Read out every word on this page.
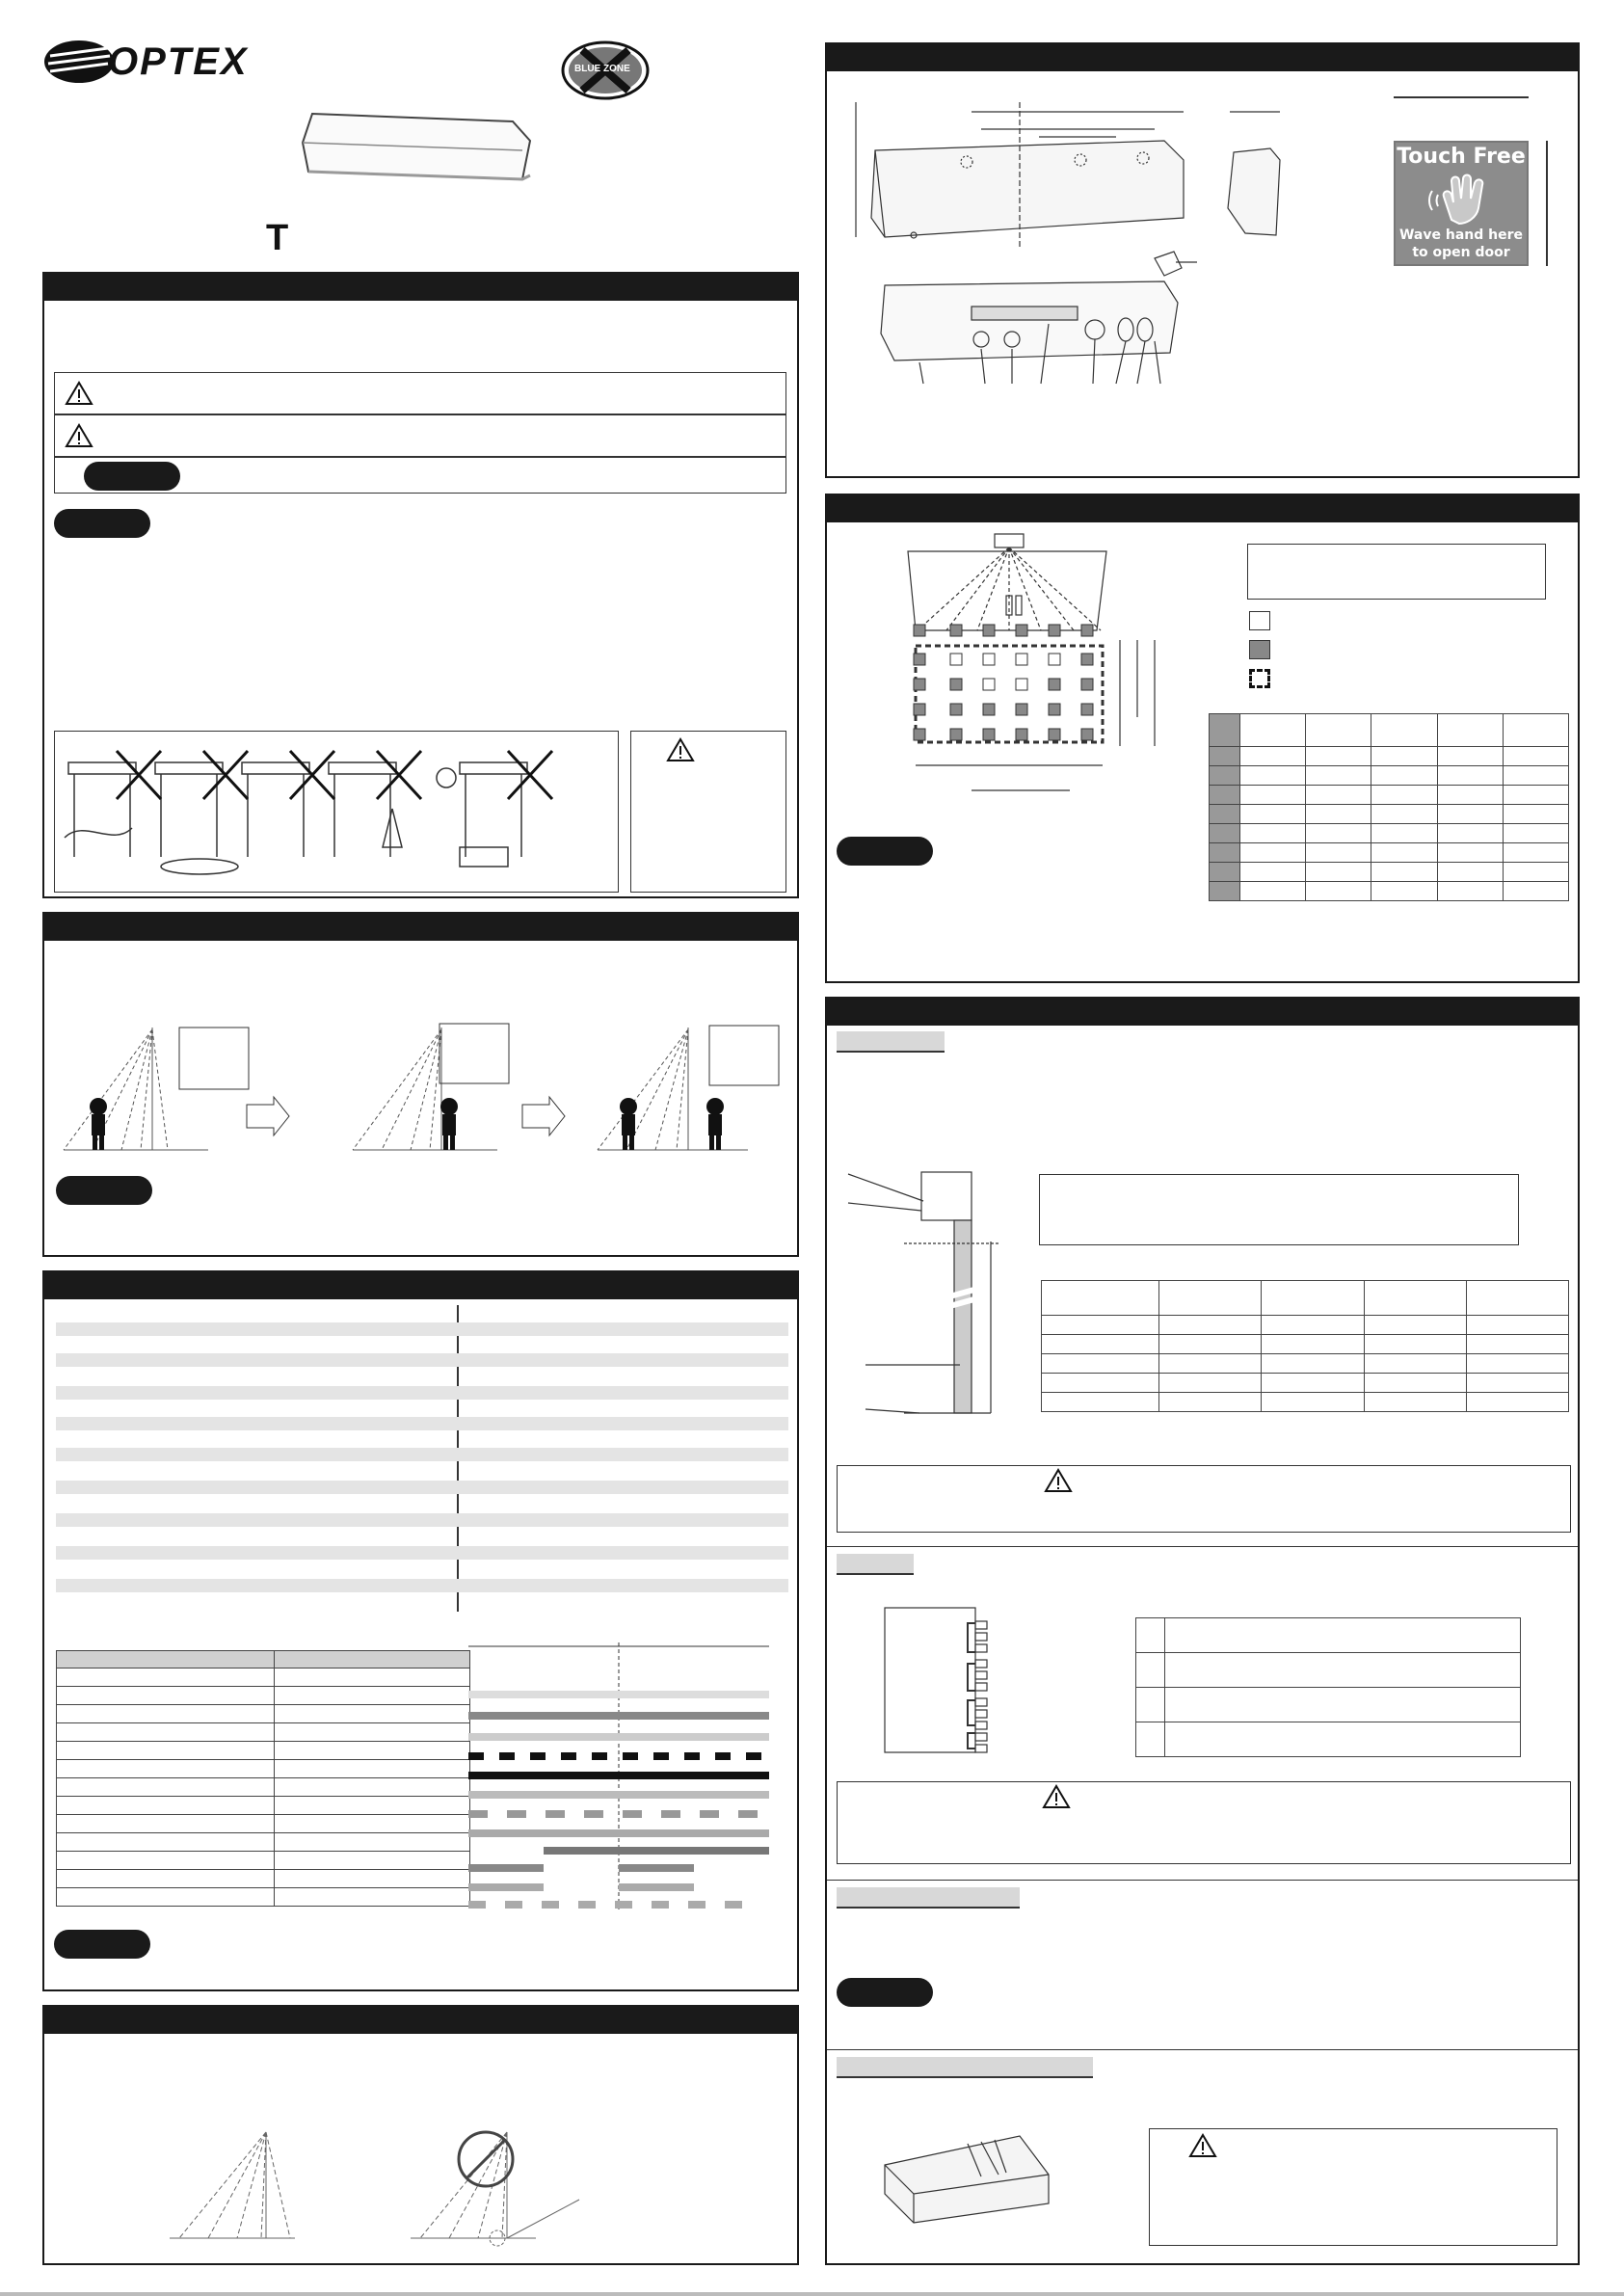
OPTEX	BLUE ZONE
T

Touch Free
Wave hand here
to open door
